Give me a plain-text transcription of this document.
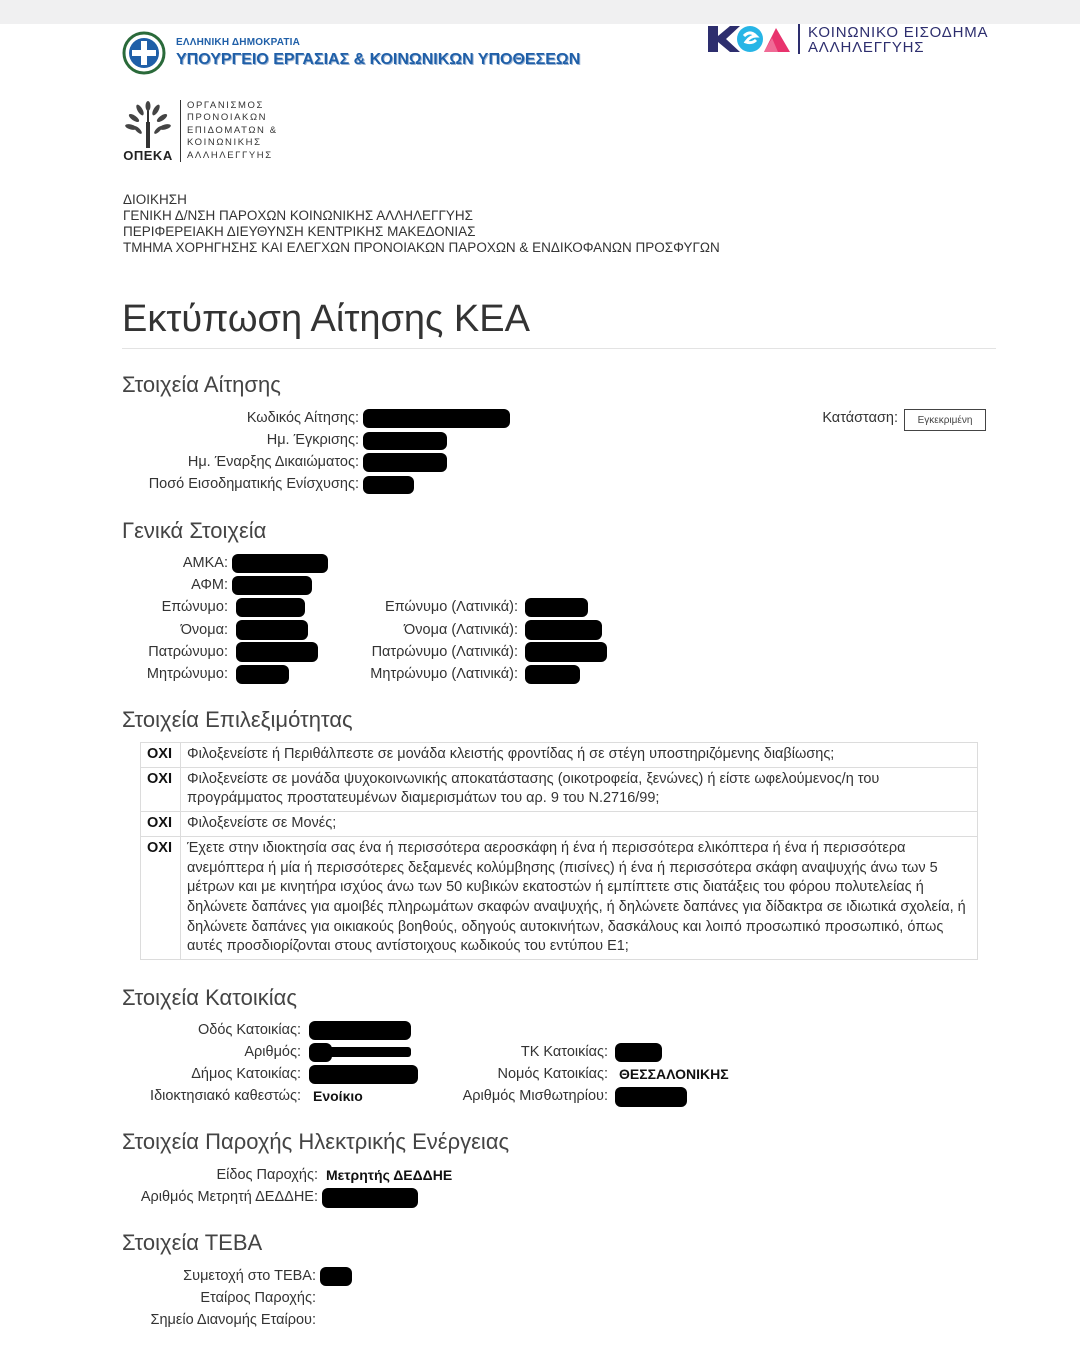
ΕΛΛΗΝΙΚΗ ΔΗΜΟΚΡΑΤΙΑ
ΥΠΟΥΡΓΕΙΟ ΕΡΓΑΣΙΑΣ & ΚΟΙΝΩΝΙΚΩΝ ΥΠΟΘΕΣΕΩΝ
ΚΟΙΝΩΝΙΚΟ ΕΙΣΟΔΗΜΑ
ΑΛΛΗΛΕΓΓΥΗΣ
ΟΠΕΚΑ
ΟΡΓΑΝΙΣΜΟΣ
ΠΡΟΝΟΙΑΚΩΝ
ΕΠΙΔΟΜΑΤΩΝ &
ΚΟΙΝΩΝΙΚΗΣ
ΑΛΛΗΛΕΓΓΥΗΣ
ΔΙΟΙΚΗΣΗ
ΓΕΝΙΚΗ Δ/ΝΣΗ ΠΑΡΟΧΩΝ ΚΟΙΝΩΝΙΚΗΣ ΑΛΛΗΛΕΓΓΥΗΣ
ΠΕΡΙΦΕΡΕΙΑΚΗ ΔΙΕΥΘΥΝΣΗ ΚΕΝΤΡΙΚΗΣ ΜΑΚΕΔΟΝΙΑΣ
ΤΜΗΜΑ ΧΟΡΗΓΗΣΗΣ ΚΑΙ ΕΛΕΓΧΩΝ ΠΡΟΝΟΙΑΚΩΝ ΠΑΡΟΧΩΝ & ΕΝΔΙΚΟΦΑΝΩΝ ΠΡΟΣΦΥΓΩΝ
Εκτύπωση Αίτησης ΚΕΑ
Στοιχεία Αίτησης
Κωδικός Αίτησης:
Ημ. Έγκρισης:
Ημ. Έναρξης Δικαιώματος:
Ποσό Εισοδηματικής Ενίσχυσης:
Κατάσταση:	Εγκεκριμένη
Γενικά Στοιχεία
ΑΜΚΑ:
ΑΦΜ:
Επώνυμο:
Όνομα:
Πατρώνυμο:
Μητρώνυμο:
Επώνυμο (Λατινικά):
Όνομα (Λατινικά):
Πατρώνυμο (Λατινικά):
Μητρώνυμο (Λατινικά):
Στοιχεία Επιλεξιμότητας
ΟΧΙ	Φιλοξενείστε ή Περιθάλπεστε σε μονάδα κλειστής φροντίδας ή σε στέγη υποστηριζόμενης διαβίωσης;
ΟΧΙ	Φιλοξενείστε σε μονάδα ψυχοκοινωνικής αποκατάστασης (οικοτροφεία, ξενώνες) ή είστε ωφελούμενος/η του προγράμματος προστατευμένων διαμερισμάτων του αρ. 9 του Ν.2716/99;
ΟΧΙ	Φιλοξενείστε σε Μονές;
ΟΧΙ	Έχετε στην ιδιοκτησία σας ένα ή περισσότερα αεροσκάφη ή ένα ή περισσότερα ελικόπτερα ή ένα ή περισσότερα ανεμόπτερα ή μία ή περισσότερες δεξαμενές κολύμβησης (πισίνες) ή ένα ή περισσότερα σκάφη αναψυχής άνω των 5 μέτρων και με κινητήρα ισχύος άνω των 50 κυβικών εκατοστών ή εμπίπτετε στις διατάξεις του φόρου πολυτελείας ή δηλώνετε δαπάνες για αμοιβές πληρωμάτων σκαφών αναψυχής, ή δηλώνετε δαπάνες για δίδακτρα σε ιδιωτικά σχολεία, ή δηλώνετε δαπάνες για οικιακούς βοηθούς, οδηγούς αυτοκινήτων, δασκάλους και λοιπό προσωπικό προσωπικό, όπως αυτές προσδιορίζονται στους αντίστοιχους κωδικούς του εντύπου Ε1;
Στοιχεία Κατοικίας
Οδός Κατοικίας:
Αριθμός:
Δήμος Κατοικίας:
Ιδιοκτησιακό καθεστώς: Ενοίκιο
ΤΚ Κατοικίας:
Νομός Κατοικίας: ΘΕΣΣΑΛΟΝΙΚΗΣ
Αριθμός Μισθωτηρίου:
Στοιχεία Παροχής Ηλεκτρικής Ενέργειας
Είδος Παροχής: Μετρητής ΔΕΔΔΗΕ
Αριθμός Μετρητή ΔΕΔΔΗΕ:
Στοιχεία ΤΕΒΑ
Συμετοχή στο ΤΕΒΑ:
Εταίρος Παροχής:
Σημείο Διανομής Εταίρου:
